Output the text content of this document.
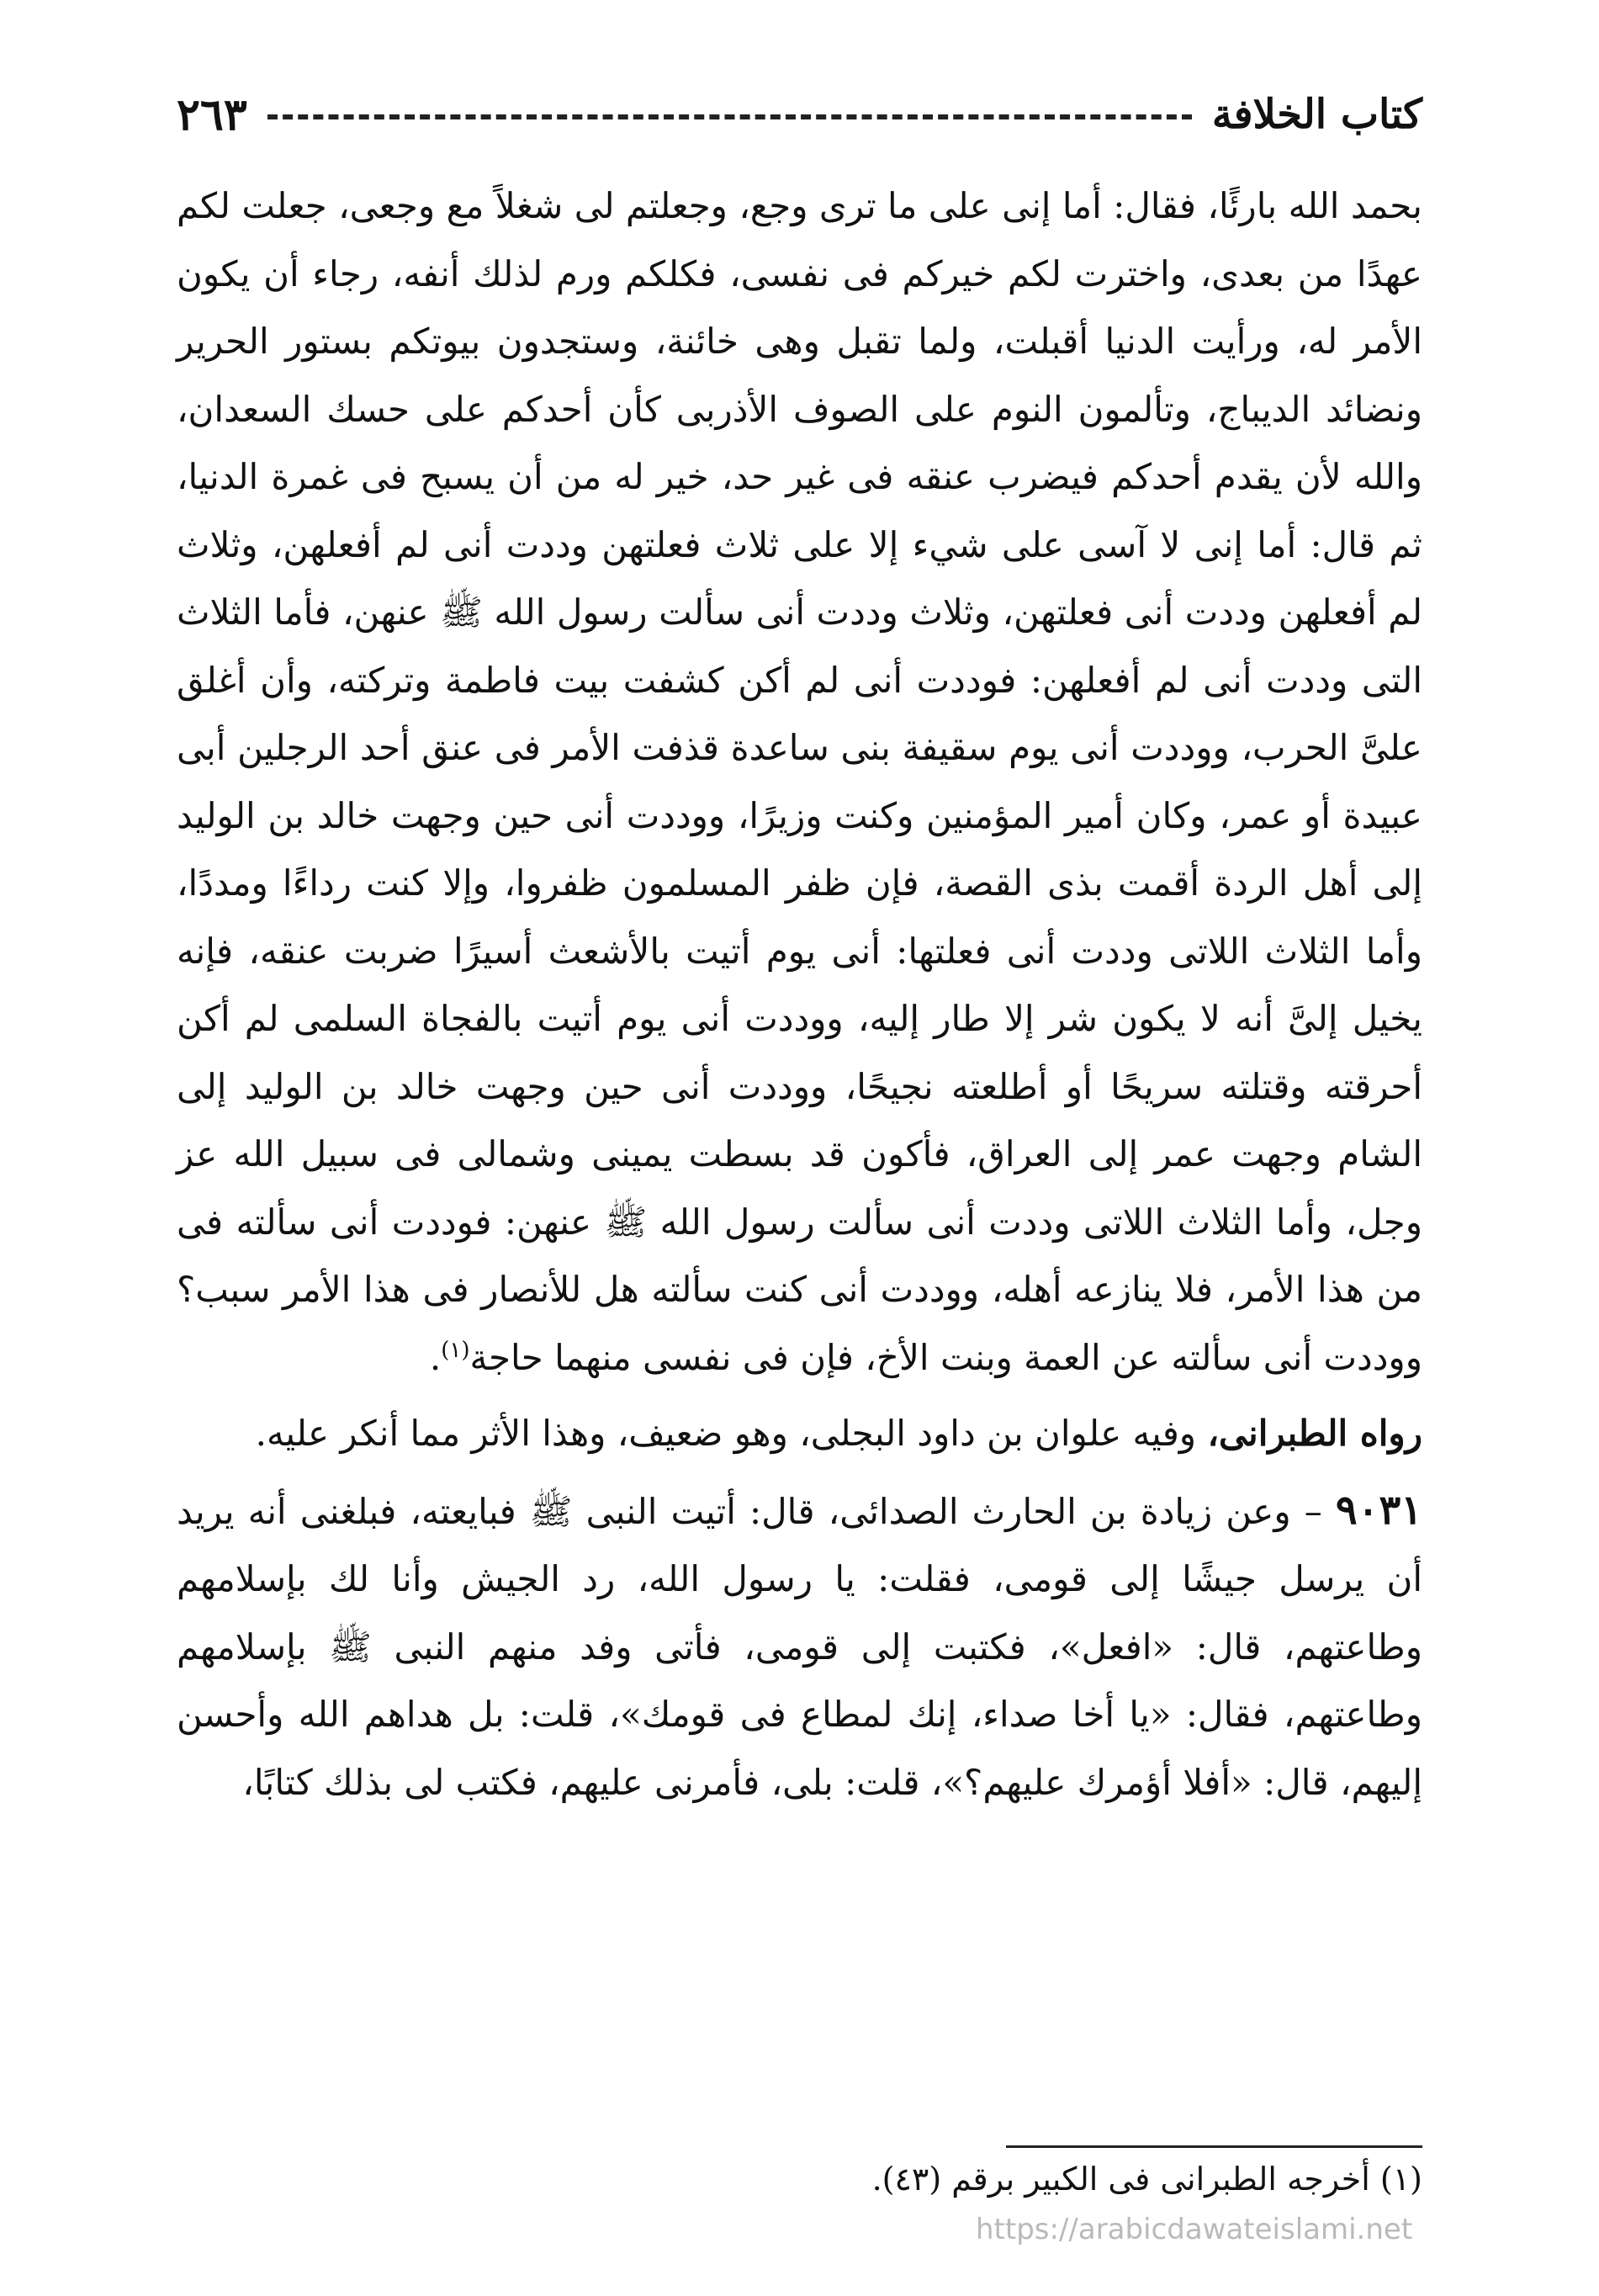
كتاب الخلافة
٢٦٣

بحمد الله بارئًا، فقال: أما إنى على ما ترى وجع، وجعلتم لى شغلاً مع وجعى، جعلت لكم عهدًا من بعدى، واخترت لكم خيركم فى نفسى، فكلكم ورم لذلك أنفه، رجاء أن يكون الأمر له، ورأيت الدنيا أقبلت، ولما تقبل وهى خائنة، وستجدون بيوتكم بستور الحرير ونضائد الديباج، وتألمون النوم على الصوف الأذربى كأن أحدكم على حسك السعدان، والله لأن يقدم أحدكم فيضرب عنقه فى غير حد، خير له من أن يسبح فى غمرة الدنيا، ثم قال: أما إنى لا آسى على شيء إلا على ثلاث فعلتهن وددت أنى لم أفعلهن، وثلاث لم أفعلهن وددت أنى فعلتهن، وثلاث وددت أنى سألت رسول الله ﷺ عنهن، فأما الثلاث التى وددت أنى لم أفعلهن: فوددت أنى لم أكن كشفت بيت فاطمة وتركته، وأن أغلق علىَّ الحرب، ووددت أنى يوم سقيفة بنى ساعدة قذفت الأمر فى عنق أحد الرجلين أبى عبيدة أو عمر، وكان أمير المؤمنين وكنت وزيرًا، ووددت أنى حين وجهت خالد بن الوليد إلى أهل الردة أقمت بذى القصة، فإن ظفر المسلمون ظفروا، وإلا كنت رداءًا ومددًا، وأما الثلاث اللاتى وددت أنى فعلتها: أنى يوم أتيت بالأشعث أسيرًا ضربت عنقه، فإنه يخيل إلىَّ أنه لا يكون شر إلا طار إليه، ووددت أنى يوم أتيت بالفجاة السلمى لم أكن أحرقته وقتلته سريحًا أو أطلعته نجيحًا، ووددت أنى حين وجهت خالد بن الوليد إلى الشام وجهت عمر إلى العراق، فأكون قد بسطت يمينى وشمالى فى سبيل الله عز وجل، وأما الثلاث اللاتى وددت أنى سألت رسول الله ﷺ عنهن: فوددت أنى سألته فى من هذا الأمر، فلا ينازعه أهله، ووددت أنى كنت سألته هل للأنصار فى هذا الأمر سبب؟ ووددت أنى سألته عن العمة وبنت الأخ، فإن فى نفسى منهما حاجة$^{(١)}$.

رواه الطبرانى، وفيه علوان بن داود البجلى، وهو ضعيف، وهذا الأثر مما أنكر عليه.

٩٠٣١ – وعن زيادة بن الحارث الصدائى، قال: أتيت النبى ﷺ فبايعته، فبلغنى أنه يريد أن يرسل جيشًا إلى قومى، فقلت: يا رسول الله، رد الجيش وأنا لك بإسلامهم وطاعتهم، قال: «افعل»، فكتبت إلى قومى، فأتى وفد منهم النبى ﷺ بإسلامهم وطاعتهم، فقال: «يا أخا صداء، إنك لمطاع فى قومك»، قلت: بل هداهم الله وأحسن إليهم، قال: «أفلا أؤمرك عليهم؟»، قلت: بلى، فأمرنى عليهم، فكتب لى بذلك كتابًا،

(١) أخرجه الطبرانى فى الكبير برقم (٤٣).
https://arabicdawateislami.net
